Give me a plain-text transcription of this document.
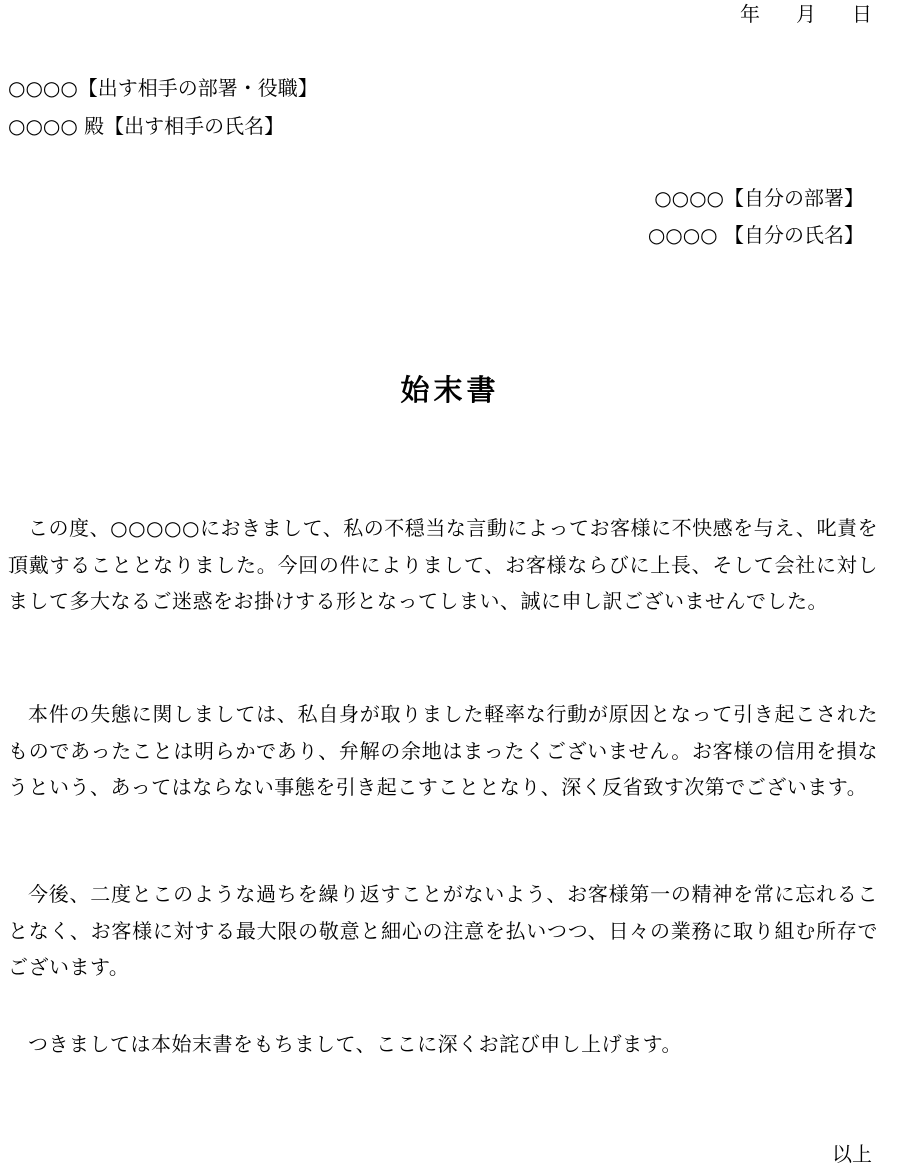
年 月 日
○○○○【出す相手の部署・役職】
○○○○ 殿【出す相手の氏名】
○○○○【自分の部署】
○○○○ 【自分の氏名】
始末書

この度、○○○○○におきまして、私の不穏当な言動によってお客様に不快感を与え、叱責を頂戴することとなりました。今回の件によりまして、お客様ならびに上長、そして会社に対しまして多大なるご迷惑をお掛けする形となってしまい、誠に申し訳ございませんでした。

本件の失態に関しましては、私自身が取りました軽率な行動が原因となって引き起こされたものであったことは明らかであり、弁解の余地はまったくございません。お客様の信用を損なうという、あってはならない事態を引き起こすこととなり、深く反省致す次第でございます。

今後、二度とこのような過ちを繰り返すことがないよう、お客様第一の精神を常に忘れることなく、お客様に対する最大限の敬意と細心の注意を払いつつ、日々の業務に取り組む所存でございます。

つきましては本始末書をもちまして、ここに深くお詫び申し上げます。

以上
